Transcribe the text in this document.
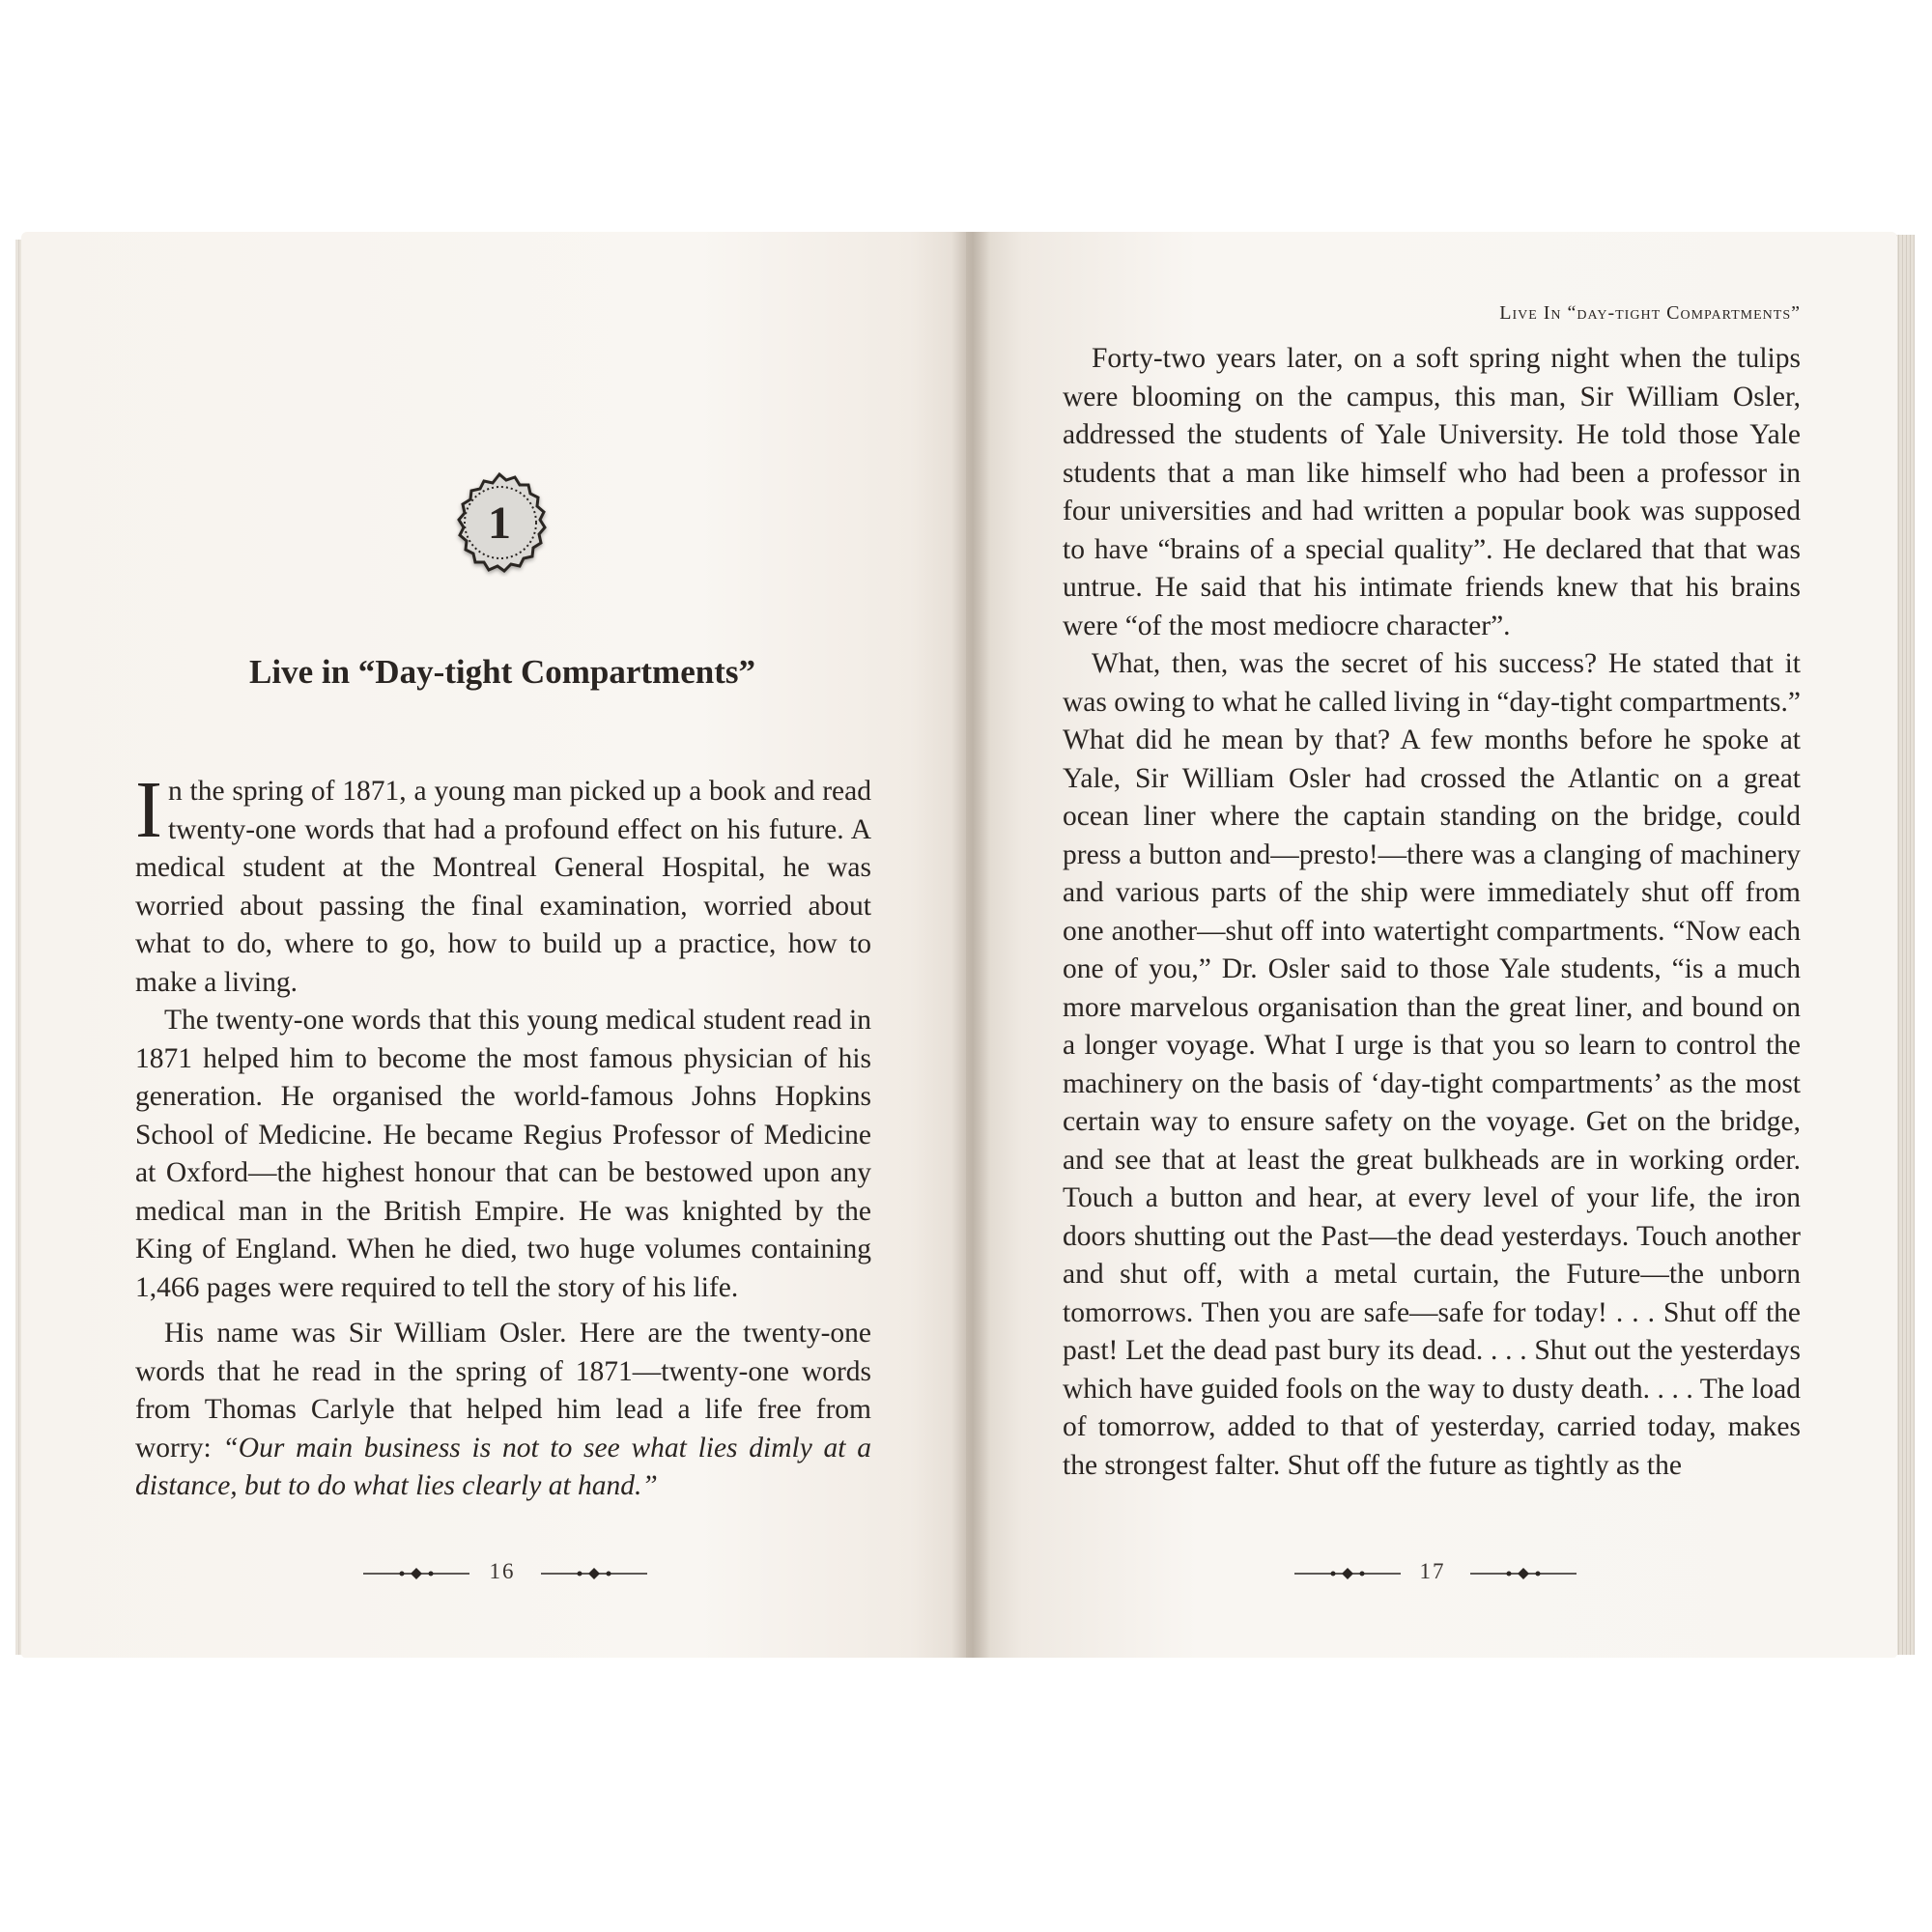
1
Live in “Day-tight Compartments”

In the spring of 1871, a young man picked up a book and read twenty-one words that had a profound effect on his future. A medical student at the Montreal General Hospital, he was worried about passing the final examination, worried about what to do, where to go, how to build up a practice, how to make a living.

The twenty-one words that this young medical student read in 1871 helped him to become the most famous physician of his generation. He organised the world-famous Johns Hopkins School of Medicine. He became Regius Professor of Medicine at Oxford—the highest honour that can be bestowed upon any medical man in the British Empire. He was knighted by the King of England. When he died, two huge volumes containing 1,466 pages were required to tell the story of his life.

His name was Sir William Osler. Here are the twenty-one words that he read in the spring of 1871—twenty-one words from Thomas Carlyle that helped him lead a life free from worry: “Our main business is not to see what lies dimly at a distance, but to do what lies clearly at hand.”

16
Live In “day-tight Compartments”

Forty-two years later, on a soft spring night when the tulips were blooming on the campus, this man, Sir William Osler, addressed the students of Yale University. He told those Yale students that a man like himself who had been a professor in four universities and had written a popular book was supposed to have “brains of a special quality”. He declared that that was untrue. He said that his intimate friends knew that his brains were “of the most mediocre character”.

What, then, was the secret of his success? He stated that it was owing to what he called living in “day-tight compartments.” What did he mean by that? A few months before he spoke at Yale, Sir William Osler had crossed the Atlantic on a great ocean liner where the captain standing on the bridge, could press a button and—presto!—there was a clanging of machinery and various parts of the ship were immediately shut off from one another—shut off into watertight compartments. “Now each one of you,” Dr. Osler said to those Yale students, “is a much more marvelous organisation than the great liner, and bound on a longer voyage. What I urge is that you so learn to control the machinery on the basis of ‘day-tight compartments’ as the most certain way to ensure safety on the voyage. Get on the bridge, and see that at least the great bulkheads are in working order. Touch a button and hear, at every level of your life, the iron doors shutting out the Past—the dead yesterdays. Touch another and shut off, with a metal curtain, the Future—the unborn tomorrows. Then you are safe—safe for today! . . . Shut off the past! Let the dead past bury its dead. . . . Shut out the yesterdays which have guided fools on the way to dusty death. . . . The load of tomorrow, added to that of yesterday, carried today, makes the strongest falter. Shut off the future as tightly as the

17
